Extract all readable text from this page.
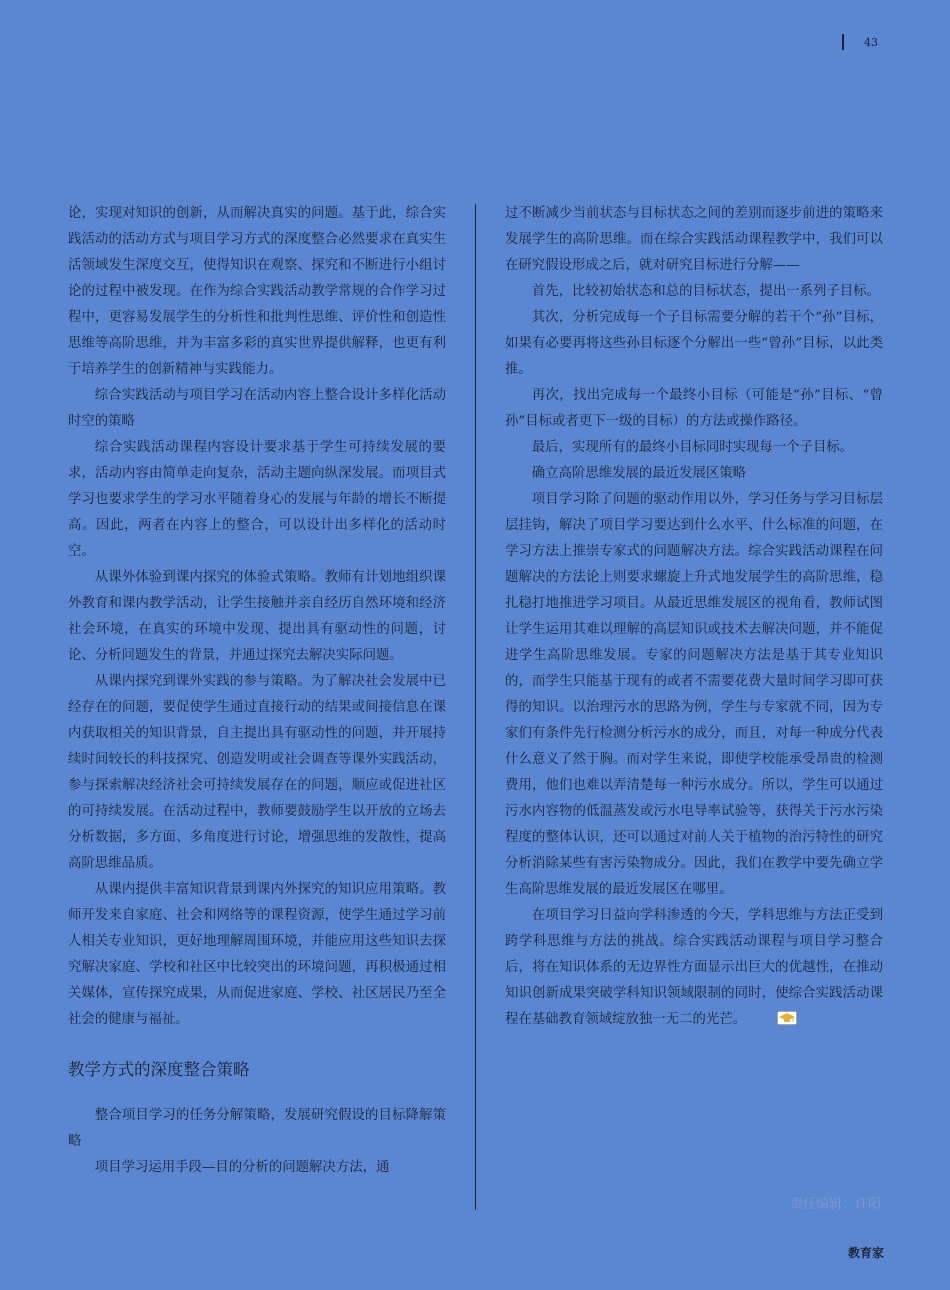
43

论，实现对知识的创新，从而解决真实的问题。基于此，综合实践活动的活动方式与项目学习方式的深度整合必然要求在真实生活领域发生深度交互，使得知识在观察、探究和不断进行小组讨论的过程中被发现。在作为综合实践活动教学常规的合作学习过程中，更容易发展学生的分析性和批判性思维、评价性和创造性思维等高阶思维，并为丰富多彩的真实世界提供解释，也更有利于培养学生的创新精神与实践能力。

综合实践活动与项目学习在活动内容上整合设计多样化活动时空的策略

综合实践活动课程内容设计要求基于学生可持续发展的要求，活动内容由简单走向复杂，活动主题向纵深发展。而项目式学习也要求学生的学习水平随着身心的发展与年龄的增长不断提高。因此，两者在内容上的整合，可以设计出多样化的活动时空。

从课外体验到课内探究的体验式策略。教师有计划地组织课外教育和课内教学活动，让学生接触并亲自经历自然环境和经济社会环境，在真实的环境中发现、提出具有驱动性的问题，讨论、分析问题发生的背景，并通过探究去解决实际问题。

从课内探究到课外实践的参与策略。为了解决社会发展中已经存在的问题，要促使学生通过直接行动的结果或间接信息在课内获取相关的知识背景，自主提出具有驱动性的问题，并开展持续时间较长的科技探究、创造发明或社会调查等课外实践活动，参与探索解决经济社会可持续发展存在的问题，顺应或促进社区的可持续发展。在活动过程中，教师要鼓励学生以开放的立场去分析数据，多方面、多角度进行讨论，增强思维的发散性，提高高阶思维品质。

从课内提供丰富知识背景到课内外探究的知识应用策略。教师开发来自家庭、社会和网络等的课程资源，使学生通过学习前人相关专业知识，更好地理解周围环境，并能应用这些知识去探究解决家庭、学校和社区中比较突出的环境问题，再积极通过相关媒体，宣传探究成果，从而促进家庭、学校、社区居民乃至全社会的健康与福祉。

教学方式的深度整合策略

整合项目学习的任务分解策略，发展研究假设的目标降解策略

项目学习运用手段—目的分析的问题解决方法，通

过不断减少当前状态与目标状态之间的差别而逐步前进的策略来发展学生的高阶思维。而在综合实践活动课程教学中，我们可以在研究假设形成之后，就对研究目标进行分解——

首先，比较初始状态和总的目标状态，提出一系列子目标。

其次，分析完成每一个子目标需要分解的若干个“孙”目标，如果有必要再将这些孙目标逐个分解出一些“曾孙”目标，以此类推。

再次，找出完成每一个最终小目标（可能是“孙”目标、“曾孙”目标或者更下一级的目标）的方法或操作路径。

最后，实现所有的最终小目标同时实现每一个子目标。

确立高阶思维发展的最近发展区策略

项目学习除了问题的驱动作用以外，学习任务与学习目标层层挂钩，解决了项目学习要达到什么水平、什么标准的问题，在学习方法上推崇专家式的问题解决方法。综合实践活动课程在问题解决的方法论上则要求螺旋上升式地发展学生的高阶思维，稳扎稳打地推进学习项目。从最近思维发展区的视角看，教师试图让学生运用其难以理解的高层知识或技术去解决问题，并不能促进学生高阶思维发展。专家的问题解决方法是基于其专业知识的，而学生只能基于现有的或者不需要花费大量时间学习即可获得的知识。以治理污水的思路为例，学生与专家就不同，因为专家们有条件先行检测分析污水的成分，而且，对每一种成分代表什么意义了然于胸。而对学生来说，即使学校能承受昂贵的检测费用，他们也难以弄清楚每一种污水成分。所以，学生可以通过污水内容物的低温蒸发或污水电导率试验等，获得关于污水污染程度的整体认识，还可以通过对前人关于植物的治污特性的研究分析消除某些有害污染物成分。因此，我们在教学中要先确立学生高阶思维发展的最近发展区在哪里。

在项目学习日益向学科渗透的今天，学科思维与方法正受到跨学科思维与方法的挑战。综合实践活动课程与项目学习整合后，将在知识体系的无边界性方面显示出巨大的优越性，在推动知识创新成果突破学科知识领域限制的同时，使综合实践活动课程在基础教育领域绽放独一无二的光芒。

责任编辑：许阳
教育家
